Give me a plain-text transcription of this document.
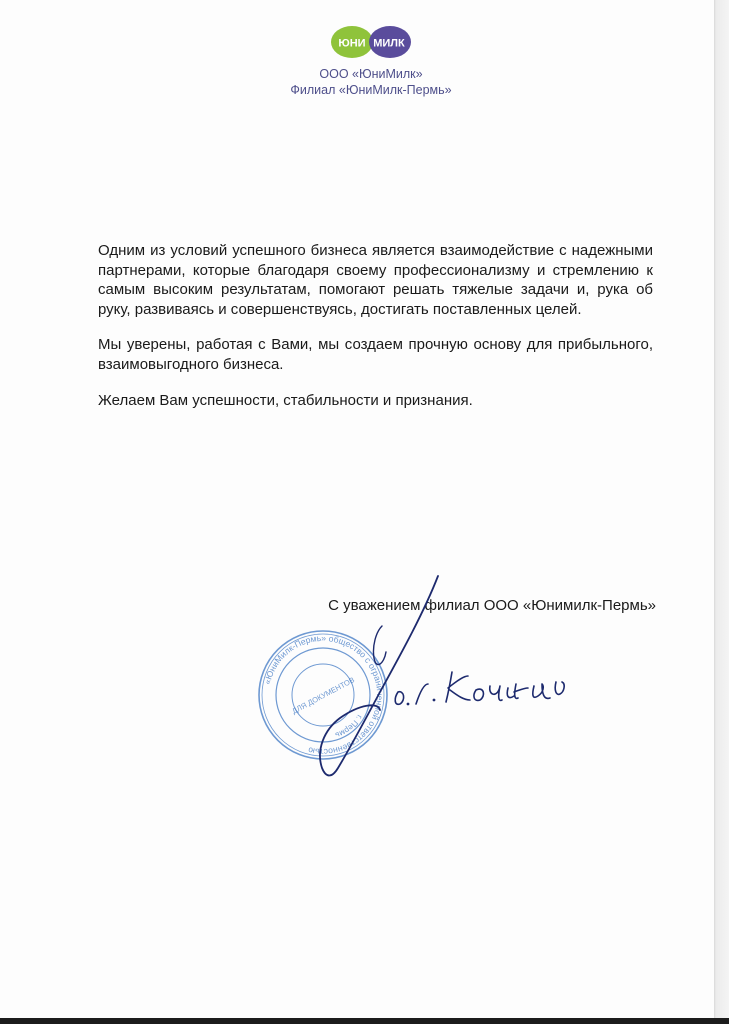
ЮНИ МИЛК
ООО «ЮниМилк»
Филиал «ЮниМилк-Пермь»

Одним из условий успешного бизнеса является взаимодействие с надежными партнерами, которые благодаря своему профессионализму и стремлению к самым высоким результатам, помогают решать тяжелые задачи и, рука об руку, развиваясь и совершенствуясь, достигать поставленных целей.

Мы уверены, работая с Вами, мы создаем прочную основу для прибыльного, взаимовыгодного бизнеса.

Желаем Вам успешности, стабильности и признания.

С уважением филиал ООО «Юнимилк-Пермь»
«ЮниМилк-Пермь» общество с ограниченной ответственностью
г. Пермь
ДЛЯ ДОКУМЕНТОВ
